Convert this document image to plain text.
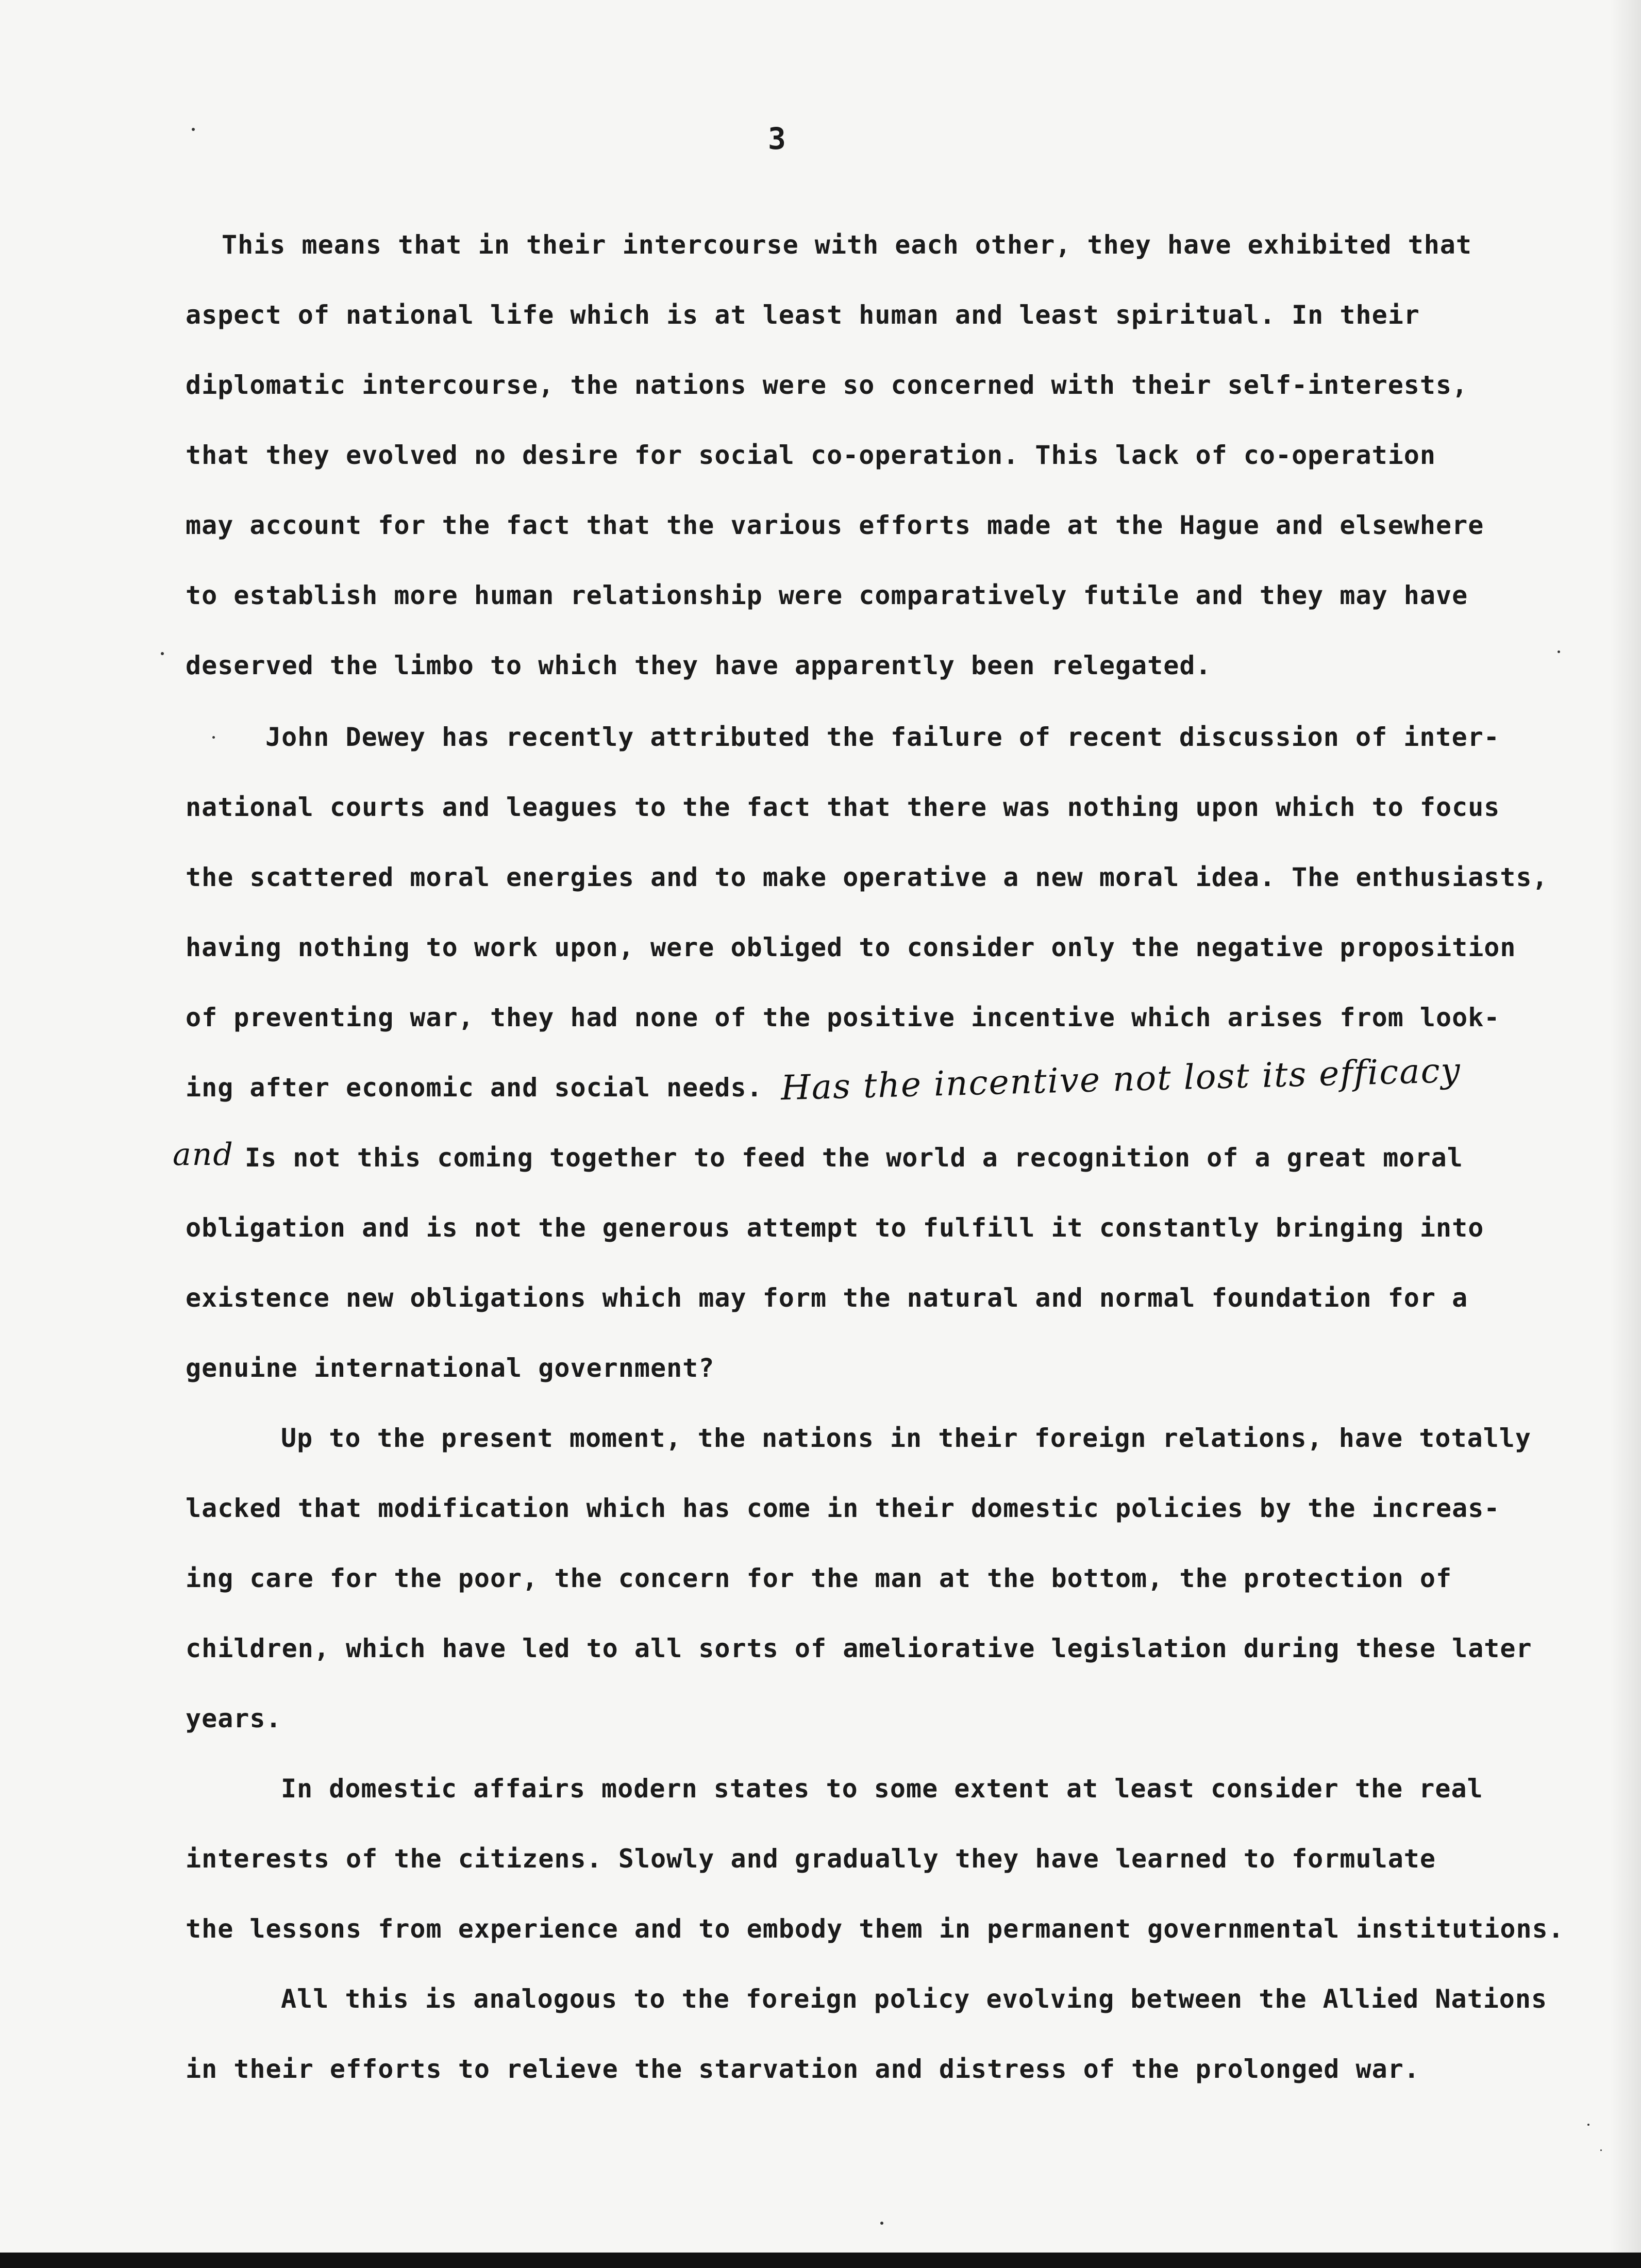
3
This means that in their intercourse with each other, they have exhibited that
aspect of national life which is at least human and least spiritual. In their
diplomatic intercourse, the nations were so concerned with their self-interests,
that they evolved no desire for social co-operation. This lack of co-operation
may account for the fact that the various efforts made at the Hague and elsewhere
to establish more human relationship were comparatively futile and they may have
deserved the limbo to which they have apparently been relegated.
John Dewey has recently attributed the failure of recent discussion of inter-
national courts and leagues to the fact that there was nothing upon which to focus
the scattered moral energies and to make operative a new moral idea. The enthusiasts,
having nothing to work upon, were obliged to consider only the negative proposition
of preventing war, they had none of the positive incentive which arises from look-
ing after economic and social needs. Has the incentive not lost its efficacy
and Is not this coming together to feed the world a recognition of a great moral
obligation and is not the generous attempt to fulfill it constantly bringing into
existence new obligations which may form the natural and normal foundation for a
genuine international government?
Up to the present moment, the nations in their foreign relations, have totally
lacked that modification which has come in their domestic policies by the increas-
ing care for the poor, the concern for the man at the bottom, the protection of
children, which have led to all sorts of ameliorative legislation during these later
years.
In domestic affairs modern states to some extent at least consider the real
interests of the citizens. Slowly and gradually they have learned to formulate
the lessons from experience and to embody them in permanent governmental institutions.
All this is analogous to the foreign policy evolving between the Allied Nations
in their efforts to relieve the starvation and distress of the prolonged war.
